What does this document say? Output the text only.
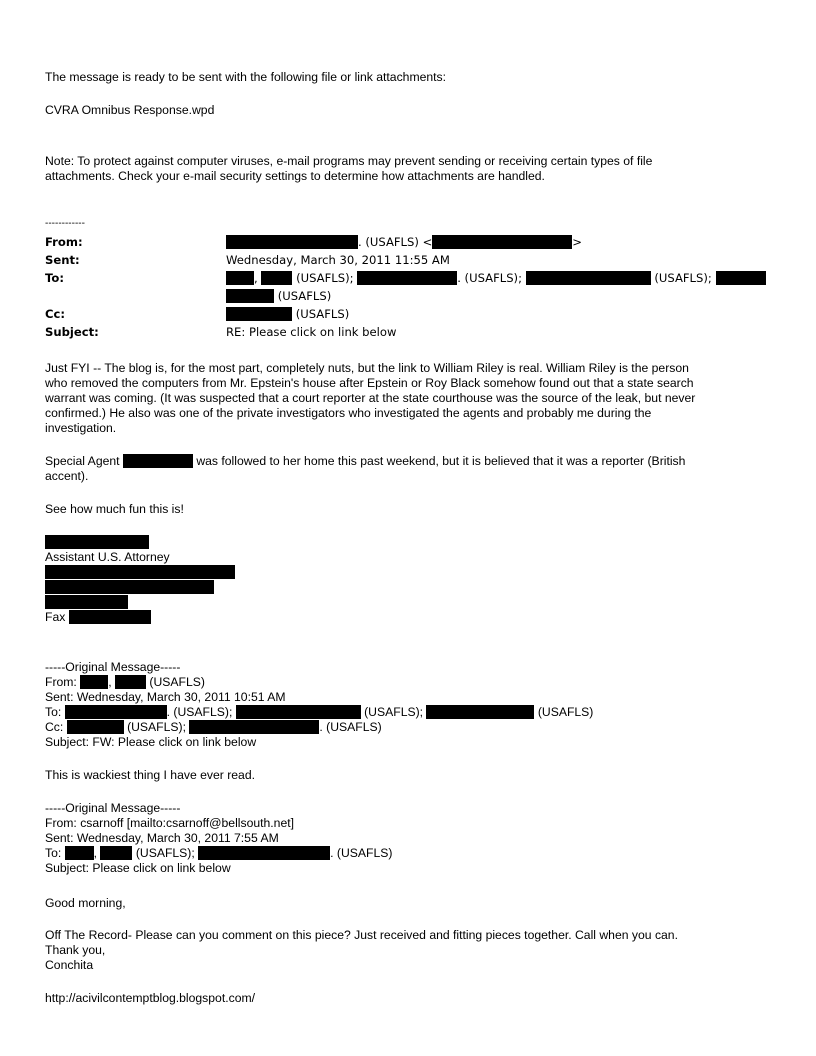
The message is ready to be sent with the following file or link attachments:
CVRA Omnibus Response.wpd
Note: To protect against computer viruses, e-mail programs may prevent sending or receiving certain types of file
attachments. Check your e-mail security settings to determine how attachments are handled.
------------
From:	. (USAFLS) <	>
Sent:	Wednesday, March 30, 2011 11:55 AM
To:	,	(USAFLS);	. (USAFLS);	(USAFLS);
(USAFLS)
Cc:	(USAFLS)
Subject:	RE: Please click on link below
Just FYI -- The blog is, for the most part, completely nuts, but the link to William Riley is real. William Riley is the person
who removed the computers from Mr. Epstein's house after Epstein or Roy Black somehow found out that a state search
warrant was coming. (It was suspected that a court reporter at the state courthouse was the source of the leak, but never
confirmed.) He also was one of the private investigators who investigated the agents and probably me during the
investigation.
Special Agent	was followed to her home this past weekend, but it is believed that it was a reporter (British
accent).
See how much fun this is!
Assistant U.S. Attorney
Fax
-----Original Message-----
From:	,	(USAFLS)
Sent: Wednesday, March 30, 2011 10:51 AM
To:	. (USAFLS);	(USAFLS);	(USAFLS)
Cc:	(USAFLS);	. (USAFLS)
Subject: FW: Please click on link below
This is wackiest thing I have ever read.
-----Original Message-----
From: csarnoff [mailto:csarnoff@bellsouth.net]
Sent: Wednesday, March 30, 2011 7:55 AM
To:	,	(USAFLS);	. (USAFLS)
Subject: Please click on link below
Good morning,
Off The Record- Please can you comment on this piece? Just received and fitting pieces together. Call when you can.
Thank you,
Conchita
http://acivilcontemptblog.blogspot.com/
